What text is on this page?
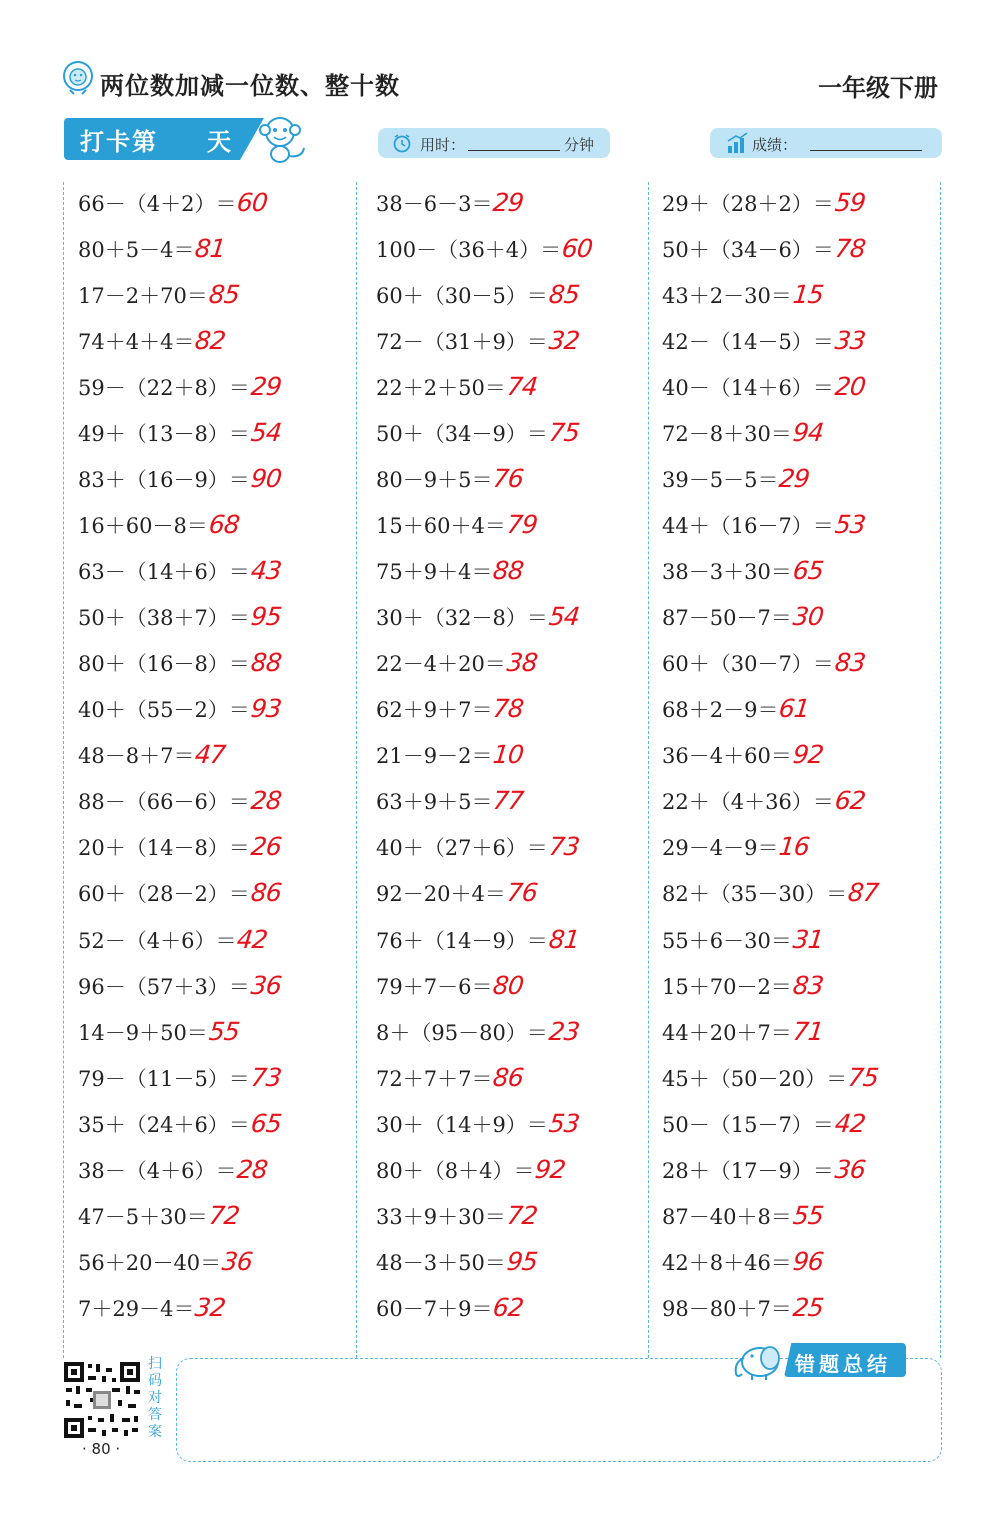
两位数加减一位数、整十数	一年级下册
打卡第 天	用时：	分钟	成绩：
66－（4＋2）＝60
80＋5－4＝81
17－2＋70＝85
74＋4＋4＝82
59－（22＋8）＝29
49＋（13－8）＝54
83＋（16－9）＝90
16＋60－8＝68
63－（14＋6）＝43
50＋（38＋7）＝95
80＋（16－8）＝88
40＋（55－2）＝93
48－8＋7＝47
88－（66－6）＝28
20＋（14－8）＝26
60＋（28－2）＝86
52－（4＋6）＝42
96－（57＋3）＝36
14－9＋50＝55
79－（11－5）＝73
35＋（24＋6）＝65
38－（4＋6）＝28
47－5＋30＝72
56＋20－40＝36
7＋29－4＝32
38－6－3＝29
100－（36＋4）＝60
60＋（30－5）＝85
72－（31＋9）＝32
22＋2＋50＝74
50＋（34－9）＝75
80－9＋5＝76
15＋60＋4＝79
75＋9＋4＝88
30＋（32－8）＝54
22－4＋20＝38
62＋9＋7＝78
21－9－2＝10
63＋9＋5＝77
40＋（27＋6）＝73
92－20＋4＝76
76＋（14－9）＝81
79＋7－6＝80
8＋（95－80）＝23
72＋7＋7＝86
30＋（14＋9）＝53
80＋（8＋4）＝92
33＋9＋30＝72
48－3＋50＝95
60－7＋9＝62
29＋（28＋2）＝59
50＋（34－6）＝78
43＋2－30＝15
42－（14－5）＝33
40－（14＋6）＝20
72－8＋30＝94
39－5－5＝29
44＋（16－7）＝53
38－3＋30＝65
87－50－7＝30
60＋（30－7）＝83
68＋2－9＝61
36－4＋60＝92
22＋（4＋36）＝62
29－4－9＝16
82＋（35－30）＝87
55＋6－30＝31
15＋70－2＝83
44＋20＋7＝71
45＋（50－20）＝75
50－（15－7）＝42
28＋（17－9）＝36
87－40＋8＝55
42＋8＋46＝96
98－80＋7＝25
扫码对答案
· 80 ·
错题总结
